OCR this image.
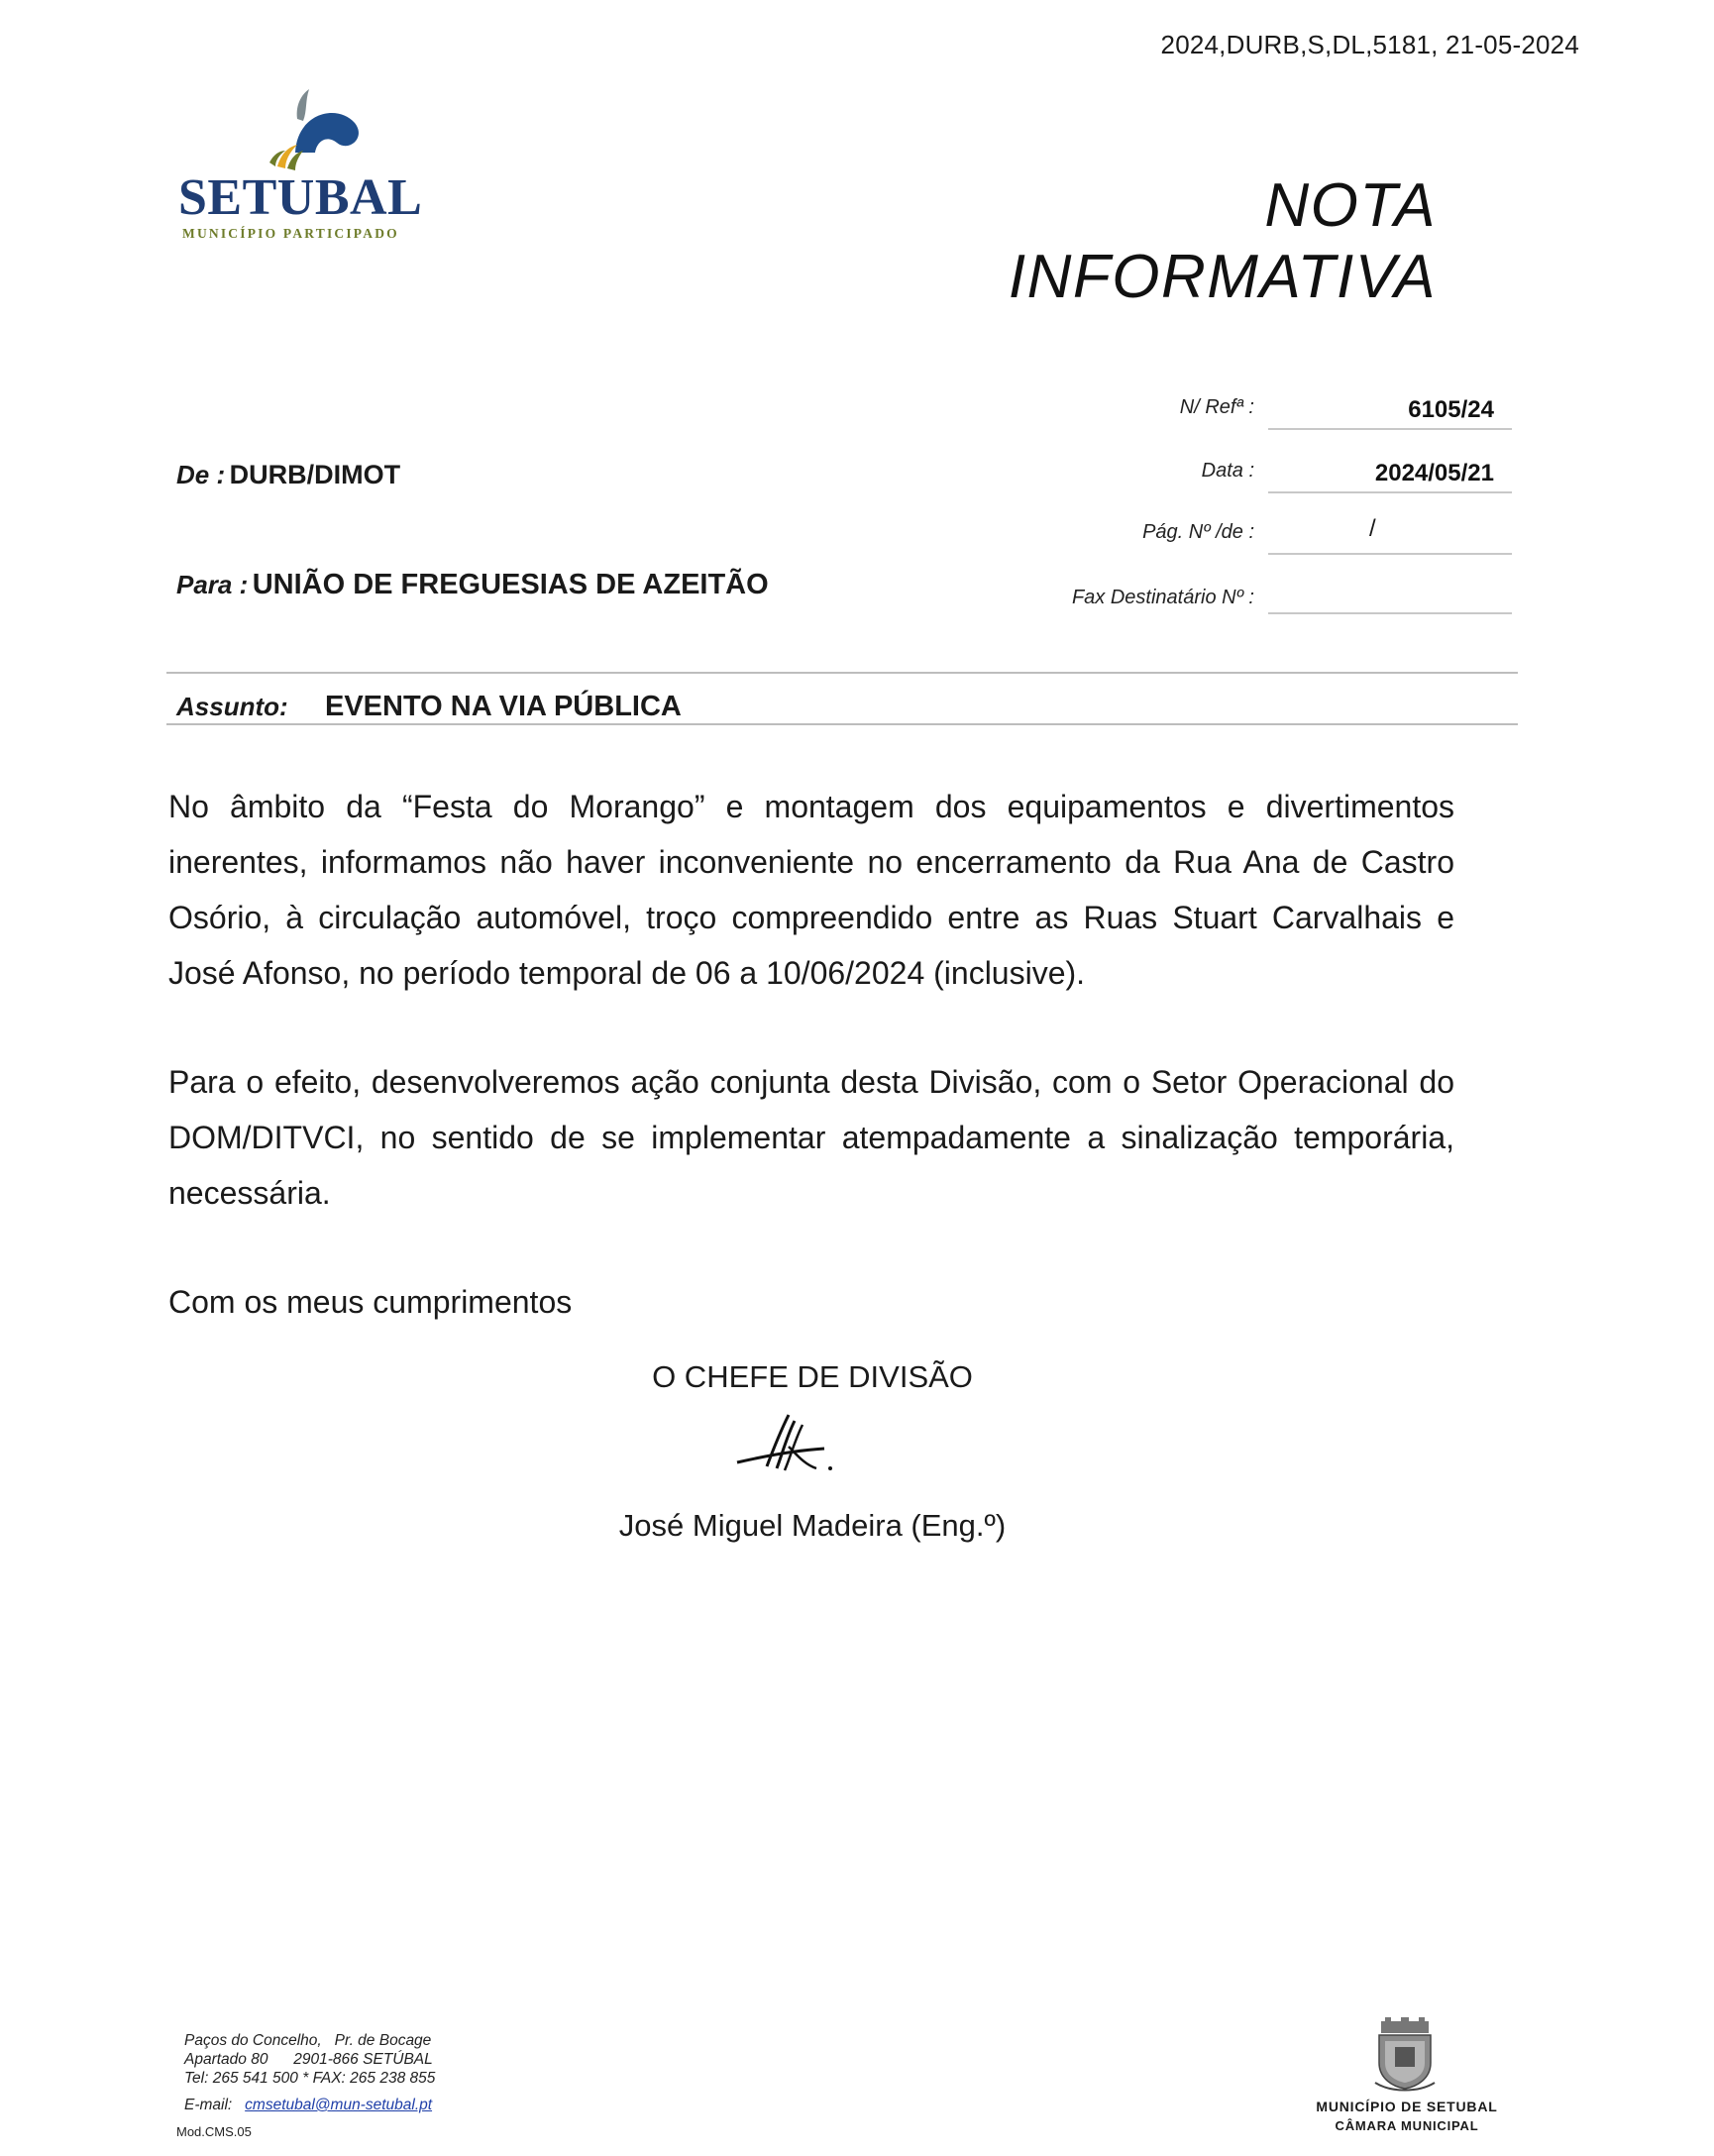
2024,DURB,S,DL,5181, 21-05-2024
SETUBAL
MUNICÍPIO PARTICIPADO	NOTA
INFORMATIVA
N/ Refª :	6105/24
Data :	2024/05/21
Pág. Nº /de :	/
Fax Destinatário Nº :
De : DURB/DIMOT
Para : UNIÃO DE FREGUESIAS DE AZEITÃO
Assunto: EVENTO NA VIA PÚBLICA
No âmbito da “Festa do Morango” e montagem dos equipamentos e divertimentos inerentes, informamos não haver inconveniente no encerramento da Rua Ana de Castro Osório, à circulação automóvel, troço compreendido entre as Ruas Stuart Carvalhais e José Afonso, no período temporal de 06 a 10/06/2024 (inclusive).
Para o efeito, desenvolveremos ação conjunta desta Divisão, com o Setor Operacional do DOM/DITVCI, no sentido de se implementar atempadamente a sinalização temporária, necessária.
Com os meus cumprimentos
O CHEFE DE DIVISÃO
José Miguel Madeira (Eng.º)
Paços do Concelho,   Pr. de Bocage
Apartado 80      2901-866 SETÚBAL
Tel: 265 541 500 * FAX: 265 238 855
E-mail: cmsetubal@mun-setubal.pt
Mod.CMS.05
MUNICÍPIO DE SETUBAL
CÂMARA MUNICIPAL
